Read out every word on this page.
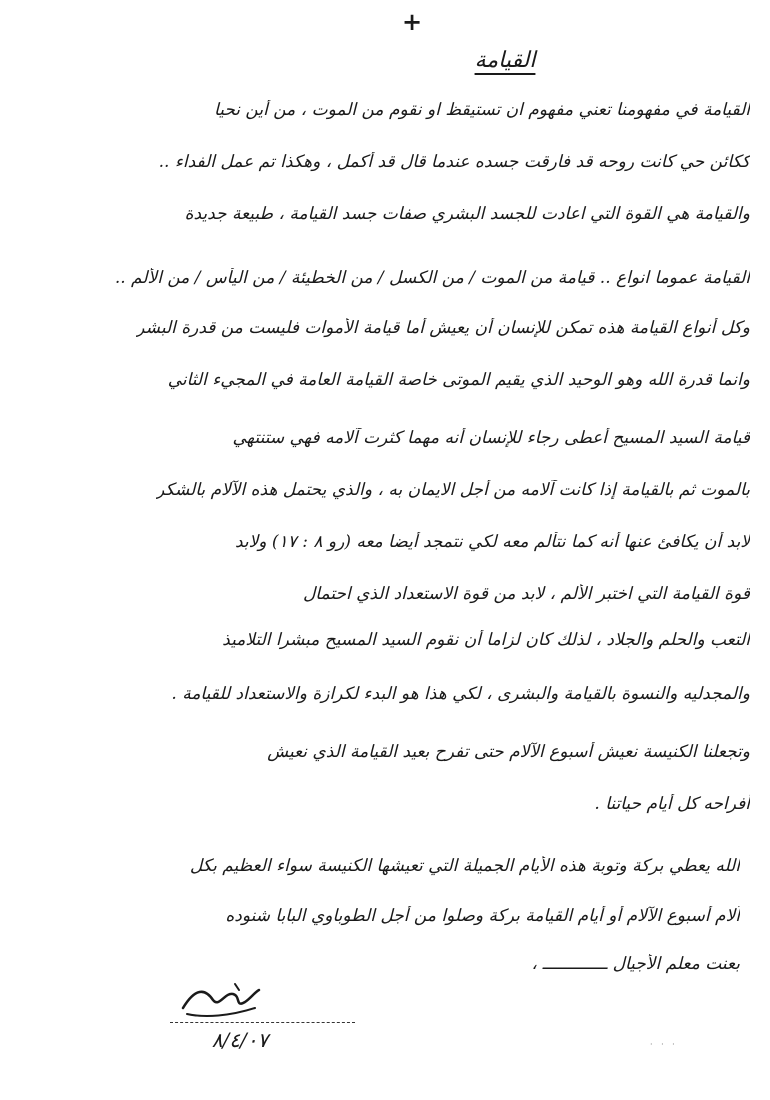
+
القيامة
القيامة في مفهومنا تعني مفهوم ان تستيقظ او نقوم من الموت ، من أين نحيا
ككائن حي كانت روحه قد فارقت جسده عندما قال قد أكمل ، وهكذا تم عمل الفداء ..
والقيامة هي القوة التي اعادت للجسد البشري صفات جسد القيامة ، طبيعة جديدة
القيامة عموما انواع .. قيامة من الموت / من الكسل / من الخطيئة / من اليأس / من الألم ..
وكل أنواع القيامة هذه تمكن للإنسان أن يعيش أما قيامة الأموات فليست من قدرة البشر
وانما قدرة الله وهو الوحيد الذي يقيم الموتى خاصة القيامة العامة في المجيء الثاني
قيامة السيد المسيح أعطى رجاء للإنسان أنه مهما كثرت آلامه فهي ستنتهي
بالموت ثم بالقيامة إذا كانت آلامه من أجل الايمان به ، والذي يحتمل هذه الآلام بالشكر
لابد أن يكافئ عنها أنه كما نتألم معه لكي نتمجد أيضا معه (رو ٨ : ١٧) ولابد
قوة القيامة التي اختبر الألم ، لابد من قوة الاستعداد الذي احتمال
التعب والحلم والجلاد ، لذلك كان لزاما أن نقوم السيد المسيح مبشرا التلاميذ
والمجدليه والنسوة بالقيامة والبشرى ، لكي هذا هو البدء لكرازة والاستعداد للقيامة .
وتجعلنا الكنيسة نعيش أسبوع الآلام حتى تفرح بعيد القيامة الذي نعيش
أفراحه كل أيام حياتنا .
الله يعطي بركة وتوبة هذه الأيام الجميلة التي تعيشها الكنيسة سواء العظيم بكل
آلام أسبوع الآلام أو أيام القيامة بركة وصلوا من أجل الطوباوي البابا شنوده
بعنت معلم الأجيال ـــــــــــــ ،
٨/٤/٠٧	· · ·
